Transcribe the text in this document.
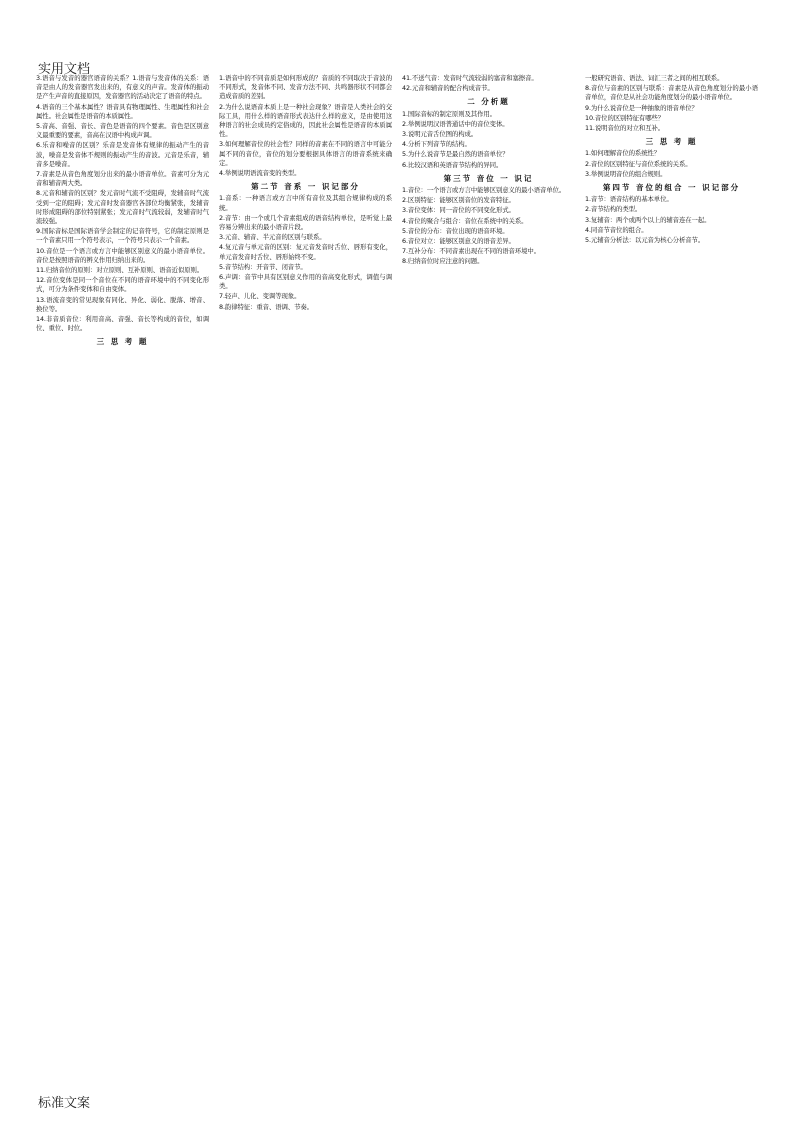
实用文档

3.语音与发音的器官语音的关系？1.语音与发音体的关系：语音是由人的发音器官发出来的，有意义的声音。发音体的振动是产生声音的直接原因，发音器官的活动决定了语音的特点。

4.语音的三个基本属性？语音具有物理属性、生理属性和社会属性。社会属性是语音的本质属性。

5.音高、音强、音长、音色是语音的四个要素。音色是区别意义最重要的要素，音高在汉语中构成声调。

6.乐音和噪音的区别？乐音是发音体有规律的振动产生的音波，噪音是发音体不规则的振动产生的音波。元音是乐音，辅音多是噪音。

7.音素是从音色角度划分出来的最小语音单位。音素可分为元音和辅音两大类。

8.元音和辅音的区别？发元音时气流不受阻碍，发辅音时气流受到一定的阻碍；发元音时发音器官各部位均衡紧张，发辅音时形成阻碍的部位特别紧张；发元音时气流较弱，发辅音时气流较强。

9.国际音标是国际语音学会制定的记音符号，它的制定原则是一个音素只用一个符号表示，一个符号只表示一个音素。

10.音位是一个语言或方言中能够区别意义的最小语音单位。音位是按照语音的辨义作用归纳出来的。

11.归纳音位的原则：对立原则、互补原则、语音近似原则。

12.音位变体是同一个音位在不同的语音环境中的不同变化形式，可分为条件变体和自由变体。

13.语流音变的常见现象有同化、异化、弱化、脱落、增音、换位等。

14.非音质音位：利用音高、音强、音长等构成的音位，如调位、重位、时位。

三 思 考 题

1.语音中的不同音质是如何形成的？音质的不同取决于音波的不同形式，发音体不同、发音方法不同、共鸣器形状不同都会造成音质的差别。

2.为什么说语音本质上是一种社会现象？语音是人类社会的交际工具，用什么样的语音形式表达什么样的意义，是由使用这种语言的社会成员约定俗成的，因此社会属性是语音的本质属性。

3.如何理解音位的社会性？同样的音素在不同的语言中可能分属不同的音位，音位的划分要根据具体语言的语音系统来确定。

4.举例说明语流音变的类型。

第二节 音系 一 识记部分

1.音系：一种语言或方言中所有音位及其组合规律构成的系统。

2.音节：由一个或几个音素组成的语音结构单位，是听觉上最容易分辨出来的最小语音片段。

3.元音、辅音、半元音的区别与联系。

4.复元音与单元音的区别：复元音发音时舌位、唇形有变化，单元音发音时舌位、唇形始终不变。

5.音节结构：开音节、闭音节。

6.声调：音节中具有区别意义作用的音高变化形式，调值与调类。

7.轻声、儿化、变调等现象。

8.韵律特征：重音、语调、节奏。

41.不送气音：发音时气流较弱的塞音和塞擦音。

42.元音和辅音的配合构成音节。

二 分析题

1.国际音标的制定原则及其作用。

2.举例说明汉语普通话中的音位变体。

3.说明元音舌位图的构成。

4.分析下列音节的结构。

5.为什么说音节是最自然的语音单位？

6.比较汉语和英语音节结构的异同。

第三节 音位 一 识记

1.音位：一个语言或方言中能够区别意义的最小语音单位。

2.区别特征：能够区别音位的发音特征。

3.音位变体：同一音位的不同变化形式。

4.音位的聚合与组合：音位在系统中的关系。

5.音位的分布：音位出现的语音环境。

6.音位对立：能够区别意义的语音差异。

7.互补分布：不同音素出现在不同的语音环境中。

8.归纳音位时应注意的问题。

一般研究语音、语法、词汇三者之间的相互联系。

8.音位与音素的区别与联系：音素是从音色角度划分的最小语音单位，音位是从社会功能角度划分的最小语音单位。

9.为什么说音位是一种抽象的语音单位？

10.音位的区别特征有哪些？

11.说明音位的对立和互补。

三 思 考 题

1.如何理解音位的系统性？

2.音位的区别特征与音位系统的关系。

3.举例说明音位的组合规则。

第四节 音位的组合 一 识记部分

1.音节：语音结构的基本单位。

2.音节结构的类型。

3.复辅音：两个或两个以上的辅音连在一起。

4.同音节音位的组合。

5.元辅音分析法：以元音为核心分析音节。

标准文案
